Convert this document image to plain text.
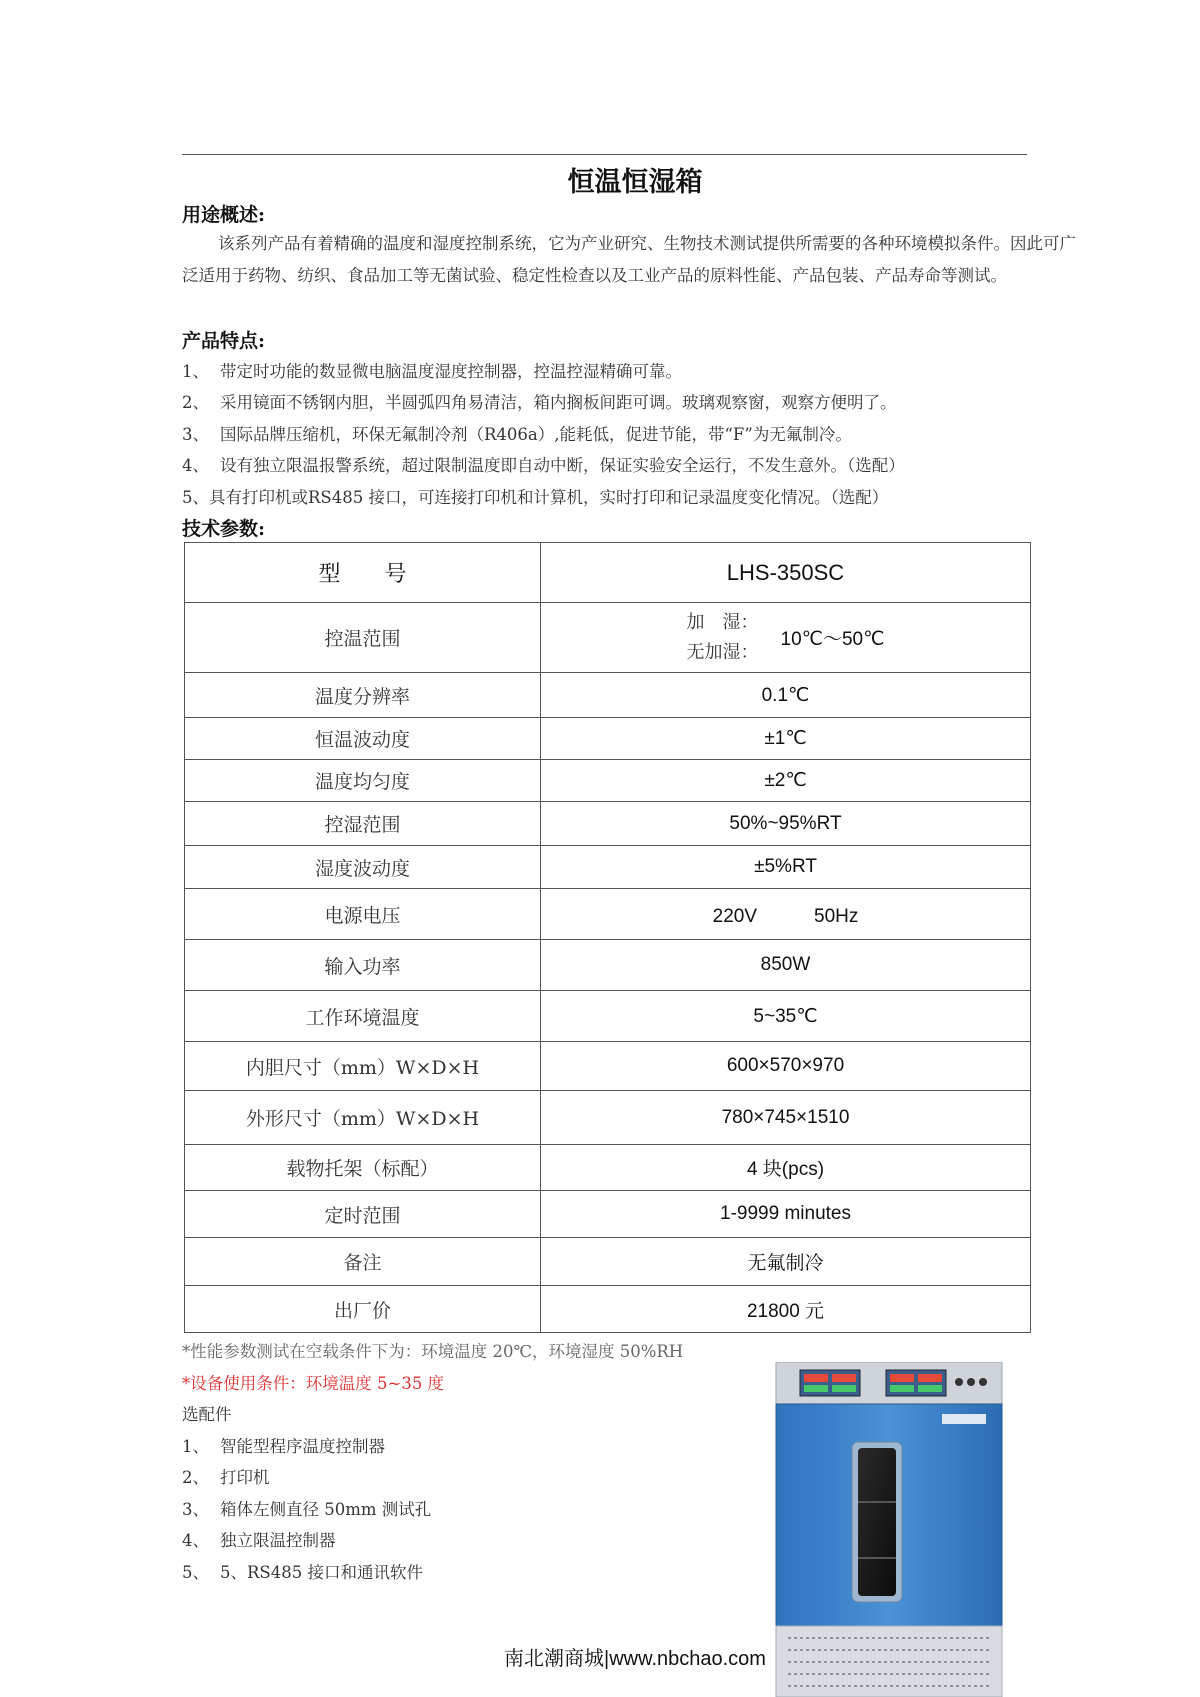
恒温恒湿箱
用途概述:
该系列产品有着精确的温度和湿度控制系统，它为产业研究、生物技术测试提供所需要的各种环境模拟条件。因此可广泛适用于药物、纺织、食品加工等无菌试验、稳定性检查以及工业产品的原料性能、产品包装、产品寿命等测试。
产品特点:
1、 带定时功能的数显微电脑温度湿度控制器，控温控湿精确可靠。
2、 采用镜面不锈钢内胆，半圆弧四角易清洁，箱内搁板间距可调。玻璃观察窗，观察方便明了。
3、 国际品牌压缩机，环保无氟制冷剂（R406a）,能耗低，促进节能，带“F”为无氟制冷。
4、 设有独立限温报警系统，超过限制温度即自动中断，保证实验安全运行，不发生意外。（选配）
5、具有打印机或RS485 接口，可连接打印机和计算机，实时打印和记录温度变化情况。（选配）
技术参数:
型　　号	LHS-350SC
控温范围	加　湿：
无加湿：10℃～50℃
温度分辨率	0.1℃
恒温波动度	±1℃
温度均匀度	±2℃
控湿范围	50%~95%RT
湿度波动度	±5%RT
电源电压	220V　　　50Hz
输入功率	850W
工作环境温度	5~35℃
内胆尺寸（mm）W×D×H	600×570×970
外形尺寸（mm）W×D×H	780×745×1510
载物托架（标配）	4 块(pcs)
定时范围	1-9999 minutes
备注	无氟制冷
出厂价	21800 元
*性能参数测试在空载条件下为：环境温度 20℃，环境湿度 50%RH
*设备使用条件：环境温度 5~35 度
选配件
1、 智能型程序温度控制器
2、 打印机
3、 箱体左侧直径 50mm 测试孔
4、 独立限温控制器
5、 5、RS485 接口和通讯软件
南北潮商城|www.nbchao.com
